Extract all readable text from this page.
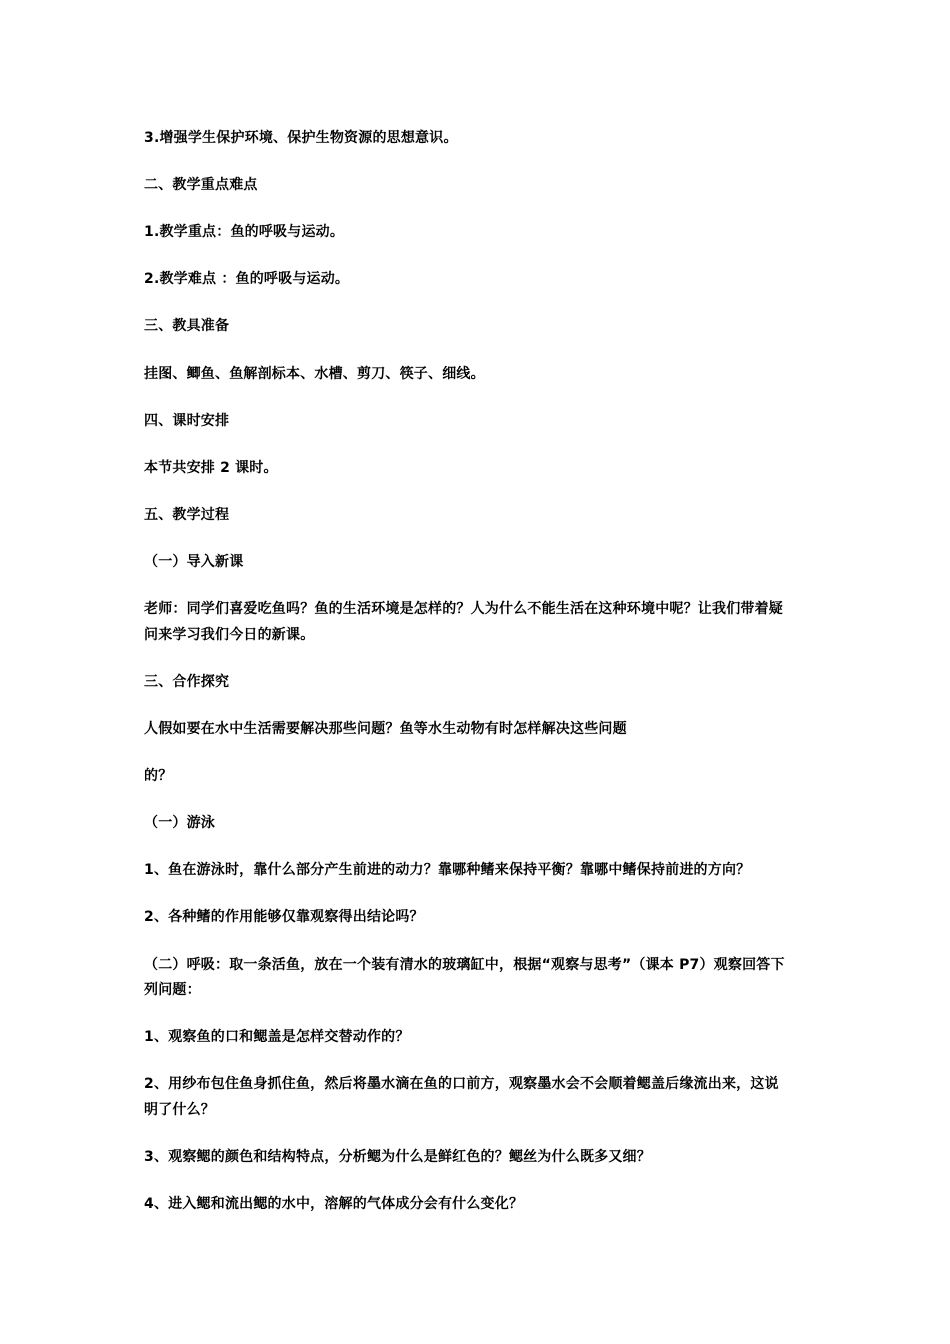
3.增强学生保护环境、保护生物资源的思想意识。
二、教学重点难点
1.教学重点：鱼的呼吸与运动。
2.教学难点 ：鱼的呼吸与运动。
三、教具准备
挂图、鲫鱼、鱼解剖标本、水槽、剪刀、筷子、细线。
四、课时安排
本节共安排 2 课时。
五、教学过程
（一）导入新课
老师：同学们喜爱吃鱼吗？鱼的生活环境是怎样的？人为什么不能生活在这种环境中呢？让我们带着疑
问来学习我们今日的新课。
三、合作探究
人假如要在水中生活需要解决那些问题？鱼等水生动物有时怎样解决这些问题
的？
（一）游泳
1、鱼在游泳时，靠什么部分产生前进的动力？靠哪种鳍来保持平衡？靠哪中鳍保持前进的方向？
2、各种鳍的作用能够仅靠观察得出结论吗？
（二）呼吸：取一条活鱼，放在一个装有清水的玻璃缸中，根据“观察与思考”（课本 P7）观察回答下
列问题：
1、观察鱼的口和鳃盖是怎样交替动作的？
2、用纱布包住鱼身抓住鱼，然后将墨水滴在鱼的口前方，观察墨水会不会顺着鳃盖后缘流出来，这说
明了什么？
3、观察鳃的颜色和结构特点，分析鳃为什么是鲜红色的？鳃丝为什么既多又细？
4、进入鳃和流出鳃的水中，溶解的气体成分会有什么变化？
